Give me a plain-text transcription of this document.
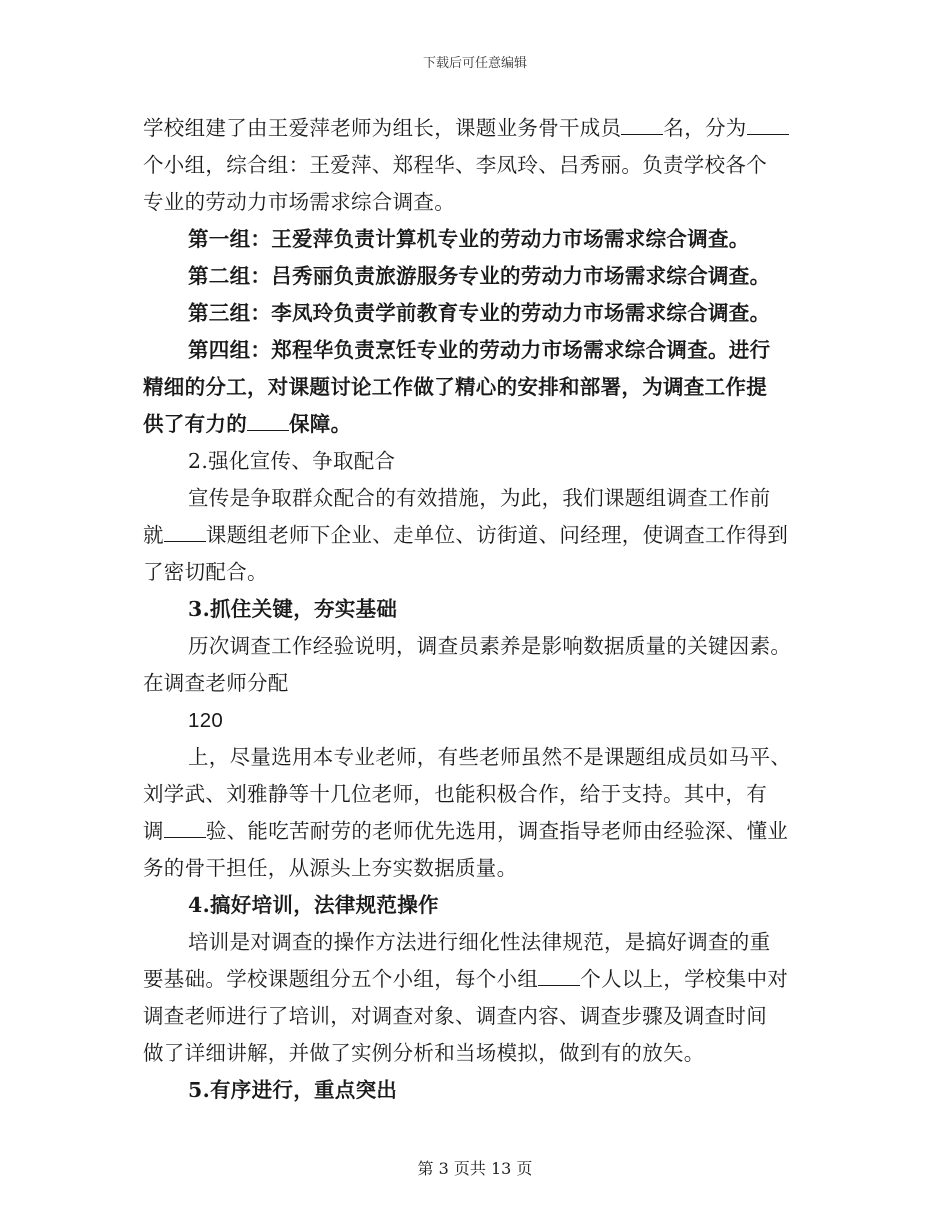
下载后可任意编辑
学校组建了由王爱萍老师为组长，课题业务骨干成员 名，分为
个小组，综合组：王爱萍、郑程华、李凤玲、吕秀丽。负责学校各个
专业的劳动力市场需求综合调查。
第一组：王爱萍负责计算机专业的劳动力市场需求综合调查。
第二组：吕秀丽负责旅游服务专业的劳动力市场需求综合调查。
第三组：李凤玲负责学前教育专业的劳动力市场需求综合调查。
第四组：郑程华负责烹饪专业的劳动力市场需求综合调查。进行
精细的分工，对课题讨论工作做了精心的安排和部署，为调查工作提
供了有力的 保障。
2.强化宣传、争取配合
宣传是争取群众配合的有效措施，为此，我们课题组调查工作前
就 课题组老师下企业、走单位、访街道、问经理，使调查工作得到
了密切配合。
3.抓住关键，夯实基础
历次调查工作经验说明，调查员素养是影响数据质量的关键因素。
在调查老师分配
120
上，尽量选用本专业老师，有些老师虽然不是课题组成员如马平、
刘学武、刘雅静等十几位老师，也能积极合作，给于支持。其中，有
调 验、能吃苦耐劳的老师优先选用，调查指导老师由经验深、懂业
务的骨干担任，从源头上夯实数据质量。
4.搞好培训，法律规范操作
培训是对调查的操作方法进行细化性法律规范，是搞好调查的重
要基础。学校课题组分五个小组，每个小组 个人以上，学校集中对
调查老师进行了培训，对调查对象、调查内容、调查步骤及调查时间
做了详细讲解，并做了实例分析和当场模拟，做到有的放矢。
5.有序进行，重点突出
第 3 页共 13 页
